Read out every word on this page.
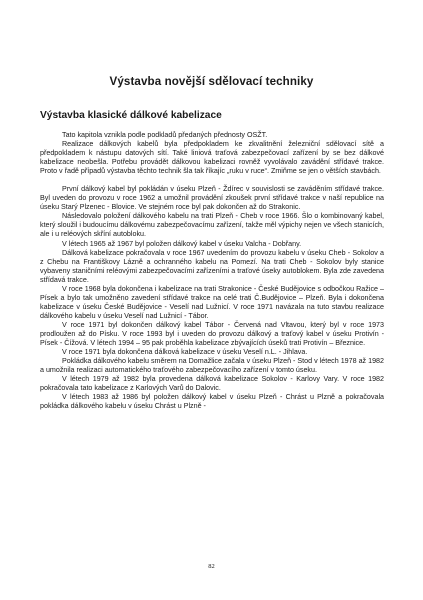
Výstavba novější sdělovací techniky
Výstavba klasické dálkové kabelizace

Tato kapitola vznikla podle podkladů předaných přednosty OSŽT.

Realizace dálkových kabelů byla předpokladem ke zkvalitnění železniční sdělovací sítě a předpokladem k nástupu datových sítí. Také liniová traťová zabezpečovací zařízení by se bez dálkové kabelizace neobešla. Potřebu provádět dálkovou kabelizaci rovněž vyvolávalo zavádění střídavé trakce. Proto v řadě případů výstavba těchto technik šla tak říkajíc „ruku v ruce“. Zmiňme se jen o větších stavbách.

První dálkový kabel byl pokládán v úseku Plzeň - Ždírec v souvislosti se zaváděním střídavé trakce. Byl uveden do provozu v roce 1962 a umožnil provádění zkoušek první střídavé trakce v naší republice na úseku Starý Plzenec - Blovice. Ve stejném roce byl pak dokončen až do Strakonic.

Následovalo položení dálkového kabelu na trati Plzeň - Cheb v roce 1966. Šlo o kombinovaný kabel, který sloužil i budoucímu dálkovému zabezpečovacímu zařízení, takže měl výpichy nejen ve všech stanicích, ale i u reléových skříní autobloku.

V létech 1965 až 1967 byl položen dálkový kabel v úseku Valcha - Dobřany.

Dálková kabelizace pokračovala v roce 1967 uvedením do provozu kabelu v úseku Cheb - Sokolov a z Chebu na Františkovy Lázně a ochranného kabelu na Pomezí. Na trati Cheb - Sokolov byly stanice vybaveny staničními reléovými zabezpečovacími zařízeními a traťové úseky autoblokem. Byla zde zavedena střídavá trakce.

V roce 1968 byla dokončena i kabelizace na trati Strakonice - České Budějovice s odbočkou Ražice – Písek a bylo tak umožněno zavedení střídavé trakce na celé trati Č.Budějovice – Plzeň. Byla i dokončena kabelizace v úseku České Budějovice - Veselí nad Lužnicí. V roce 1971 navázala na tuto stavbu realizace dálkového kabelu v úseku Veselí nad Lužnicí - Tábor.

V roce 1971 byl dokončen dálkový kabel Tábor - Červená nad Vltavou, který byl v roce 1973 prodloužen až do Písku. V roce 1993 byl i uveden do provozu dálkový a traťový kabel v úseku Protivín - Písek - Čížová. V létech 1994 – 95 pak proběhla kabelizace zbývajících úseků trati Protivín – Březnice.

V roce 1971 byla dokončena dálková kabelizace v úseku Veselí n.L. - Jihlava.

Pokládka dálkového kabelu směrem na Domažlice začala v úseku Plzeň - Stod v létech 1978 až 1982 a umožnila realizaci automatického traťového zabezpečovacího zařízení v tomto úseku.

V létech 1979 až 1982 byla provedena dálková kabelizace Sokolov - Karlovy Vary. V roce 1982 pokračovala tato kabelizace z Karlových Varů do Dalovic.

V létech 1983 až 1986 byl položen dálkový kabel v úseku Plzeň - Chrást u Plzně a pokračovala pokládka dálkového kabelu v úseku Chrást u Plzně -

82
